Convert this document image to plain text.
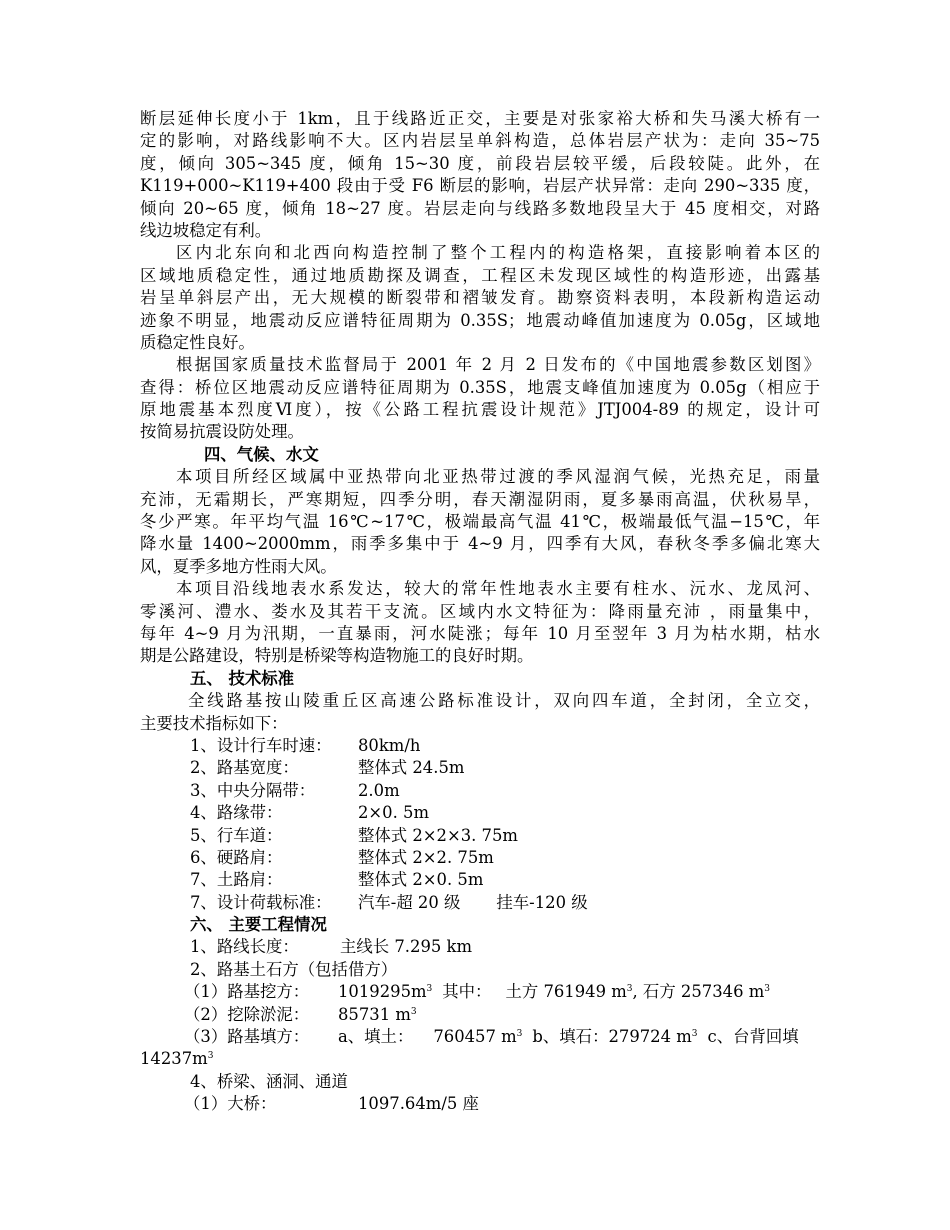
断层延伸长度小于 1km，且于线路近正交，主要是对张家裕大桥和失马溪大桥有一
定的影响，对路线影响不大。区内岩层呈单斜构造，总体岩层产状为：走向 35~75
度，倾向 305~345 度，倾角 15~30 度，前段岩层较平缓，后段较陡。此外，在
K119+000~K119+400 段由于受 F6 断层的影响，岩层产状异常：走向 290~335 度，
倾向 20~65 度，倾角 18~27 度。岩层走向与线路多数地段呈大于 45 度相交，对路
线边坡稳定有利。
区内北东向和北西向构造控制了整个工程内的构造格架，直接影响着本区的
区域地质稳定性，通过地质勘探及调查，工程区未发现区域性的构造形迹，出露基
岩呈单斜层产出，无大规模的断裂带和褶皱发育。勘察资料表明，本段新构造运动
迹象不明显，地震动反应谱特征周期为 0.35S；地震动峰值加速度为 0.05g，区域地
质稳定性良好。
根据国家质量技术监督局于 2001 年 2 月 2 日发布的《中国地震参数区划图》
查得：桥位区地震动反应谱特征周期为 0.35S，地震支峰值加速度为 0.05g（相应于
原地震基本烈度Ⅵ度），按《公路工程抗震设计规范》JTJ004-89 的规定，设计可
按简易抗震设防处理。
四、气候、水文
本项目所经区域属中亚热带向北亚热带过渡的季风湿润气候，光热充足，雨量
充沛，无霜期长，严寒期短，四季分明，春天潮湿阴雨，夏多暴雨高温，伏秋易旱，
冬少严寒。年平均气温 16℃~17℃，极端最高气温 41℃，极端最低气温−15℃，年
降水量 1400~2000mm，雨季多集中于 4~9 月，四季有大风，春秋冬季多偏北寒大
风，夏季多地方性雨大风。
本项目沿线地表水系发达，较大的常年性地表水主要有柱水、沅水、龙凤河、
零溪河、澧水、娄水及其若干支流。区域内水文特征为：降雨量充沛 ，雨量集中，
每年 4~9 月为汛期，一直暴雨，河水陡涨；每年 10 月至翌年 3 月为枯水期，枯水
期是公路建设，特别是桥梁等构造物施工的良好时期。
五、 技术标准
全线路基按山陵重丘区高速公路标准设计，双向四车道，全封闭，全立交，
主要技术指标如下：
1、设计行车时速： 80km/h
2、路基宽度：	整体式 24.5m
3、中央分隔带：	2.0m
4、路缘带：	2×0. 5m
5、行车道：	整体式 2×2×3. 75m
6、硬路肩：	整体式 2×2. 75m
7、土路肩：	整体式 2×0. 5m
7、设计荷载标准： 汽车-超 20 级 挂车-120 级
六、 主要工程情况
1、路线长度：	主线长 7.295 km
2、路基土石方（包括借方）
（1）路基挖方： $1019295m^3$ 其中： 土方 761949 $m^3$, 石方 257346 $m^3$
（2）挖除淤泥： 85731 $m^3$
（3）路基填方： a、填土： 760457 $m^3$ b、填石：279724 $m^3$ c、台背回填
$14237m^3$
4、桥梁、涵洞、通道
（1）大桥：	1097.64m/5 座
